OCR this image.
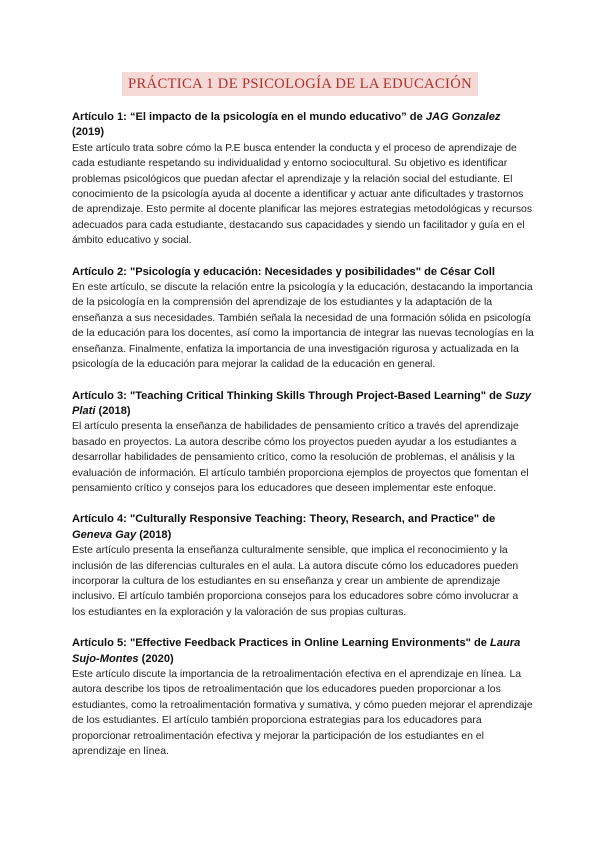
PRÁCTICA 1 DE PSICOLOGÍA DE LA EDUCACIÓN

Artículo 1: “El impacto de la psicología en el mundo educativo” de JAG Gonzalez (2019)

Este artículo trata sobre cómo la P.E busca entender la conducta y el proceso de aprendizaje de cada estudiante respetando su individualidad y entorno sociocultural. Su objetivo es identificar problemas psicológicos que puedan afectar el aprendizaje y la relación social del estudiante. El conocimiento de la psicología ayuda al docente a identificar y actuar ante dificultades y trastornos de aprendizaje. Esto permite al docente planificar las mejores estrategias metodológicas y recursos adecuados para cada estudiante, destacando sus capacidades y siendo un facilitador y guía en el ámbito educativo y social.

Artículo 2: "Psicología y educación: Necesidades y posibilidades" de César Coll

En este artículo, se discute la relación entre la psicología y la educación, destacando la importancia de la psicología en la comprensión del aprendizaje de los estudiantes y la adaptación de la enseñanza a sus necesidades. También señala la necesidad de una formación sólida en psicología de la educación para los docentes, así como la importancia de integrar las nuevas tecnologías en la enseñanza. Finalmente, enfatiza la importancia de una investigación rigurosa y actualizada en la psicología de la educación para mejorar la calidad de la educación en general.

Artículo 3: "Teaching Critical Thinking Skills Through Project-Based Learning" de Suzy Plati (2018)

El artículo presenta la enseñanza de habilidades de pensamiento crítico a través del aprendizaje basado en proyectos. La autora describe cómo los proyectos pueden ayudar a los estudiantes a desarrollar habilidades de pensamiento crítico, como la resolución de problemas, el análisis y la evaluación de información. El artículo también proporciona ejemplos de proyectos que fomentan el pensamiento crítico y consejos para los educadores que deseen implementar este enfoque.

Artículo 4: "Culturally Responsive Teaching: Theory, Research, and Practice" de Geneva Gay (2018)

Este artículo presenta la enseñanza culturalmente sensible, que implica el reconocimiento y la inclusión de las diferencias culturales en el aula. La autora discute cómo los educadores pueden incorporar la cultura de los estudiantes en su enseñanza y crear un ambiente de aprendizaje inclusivo. El artículo también proporciona consejos para los educadores sobre cómo involucrar a los estudiantes en la exploración y la valoración de sus propias culturas.

Artículo 5: "Effective Feedback Practices in Online Learning Environments" de Laura Sujo-Montes (2020)

Este artículo discute la importancia de la retroalimentación efectiva en el aprendizaje en línea. La autora describe los tipos de retroalimentación que los educadores pueden proporcionar a los estudiantes, como la retroalimentación formativa y sumativa, y cómo pueden mejorar el aprendizaje de los estudiantes. El artículo también proporciona estrategias para los educadores para proporcionar retroalimentación efectiva y mejorar la participación de los estudiantes en el aprendizaje en línea.
